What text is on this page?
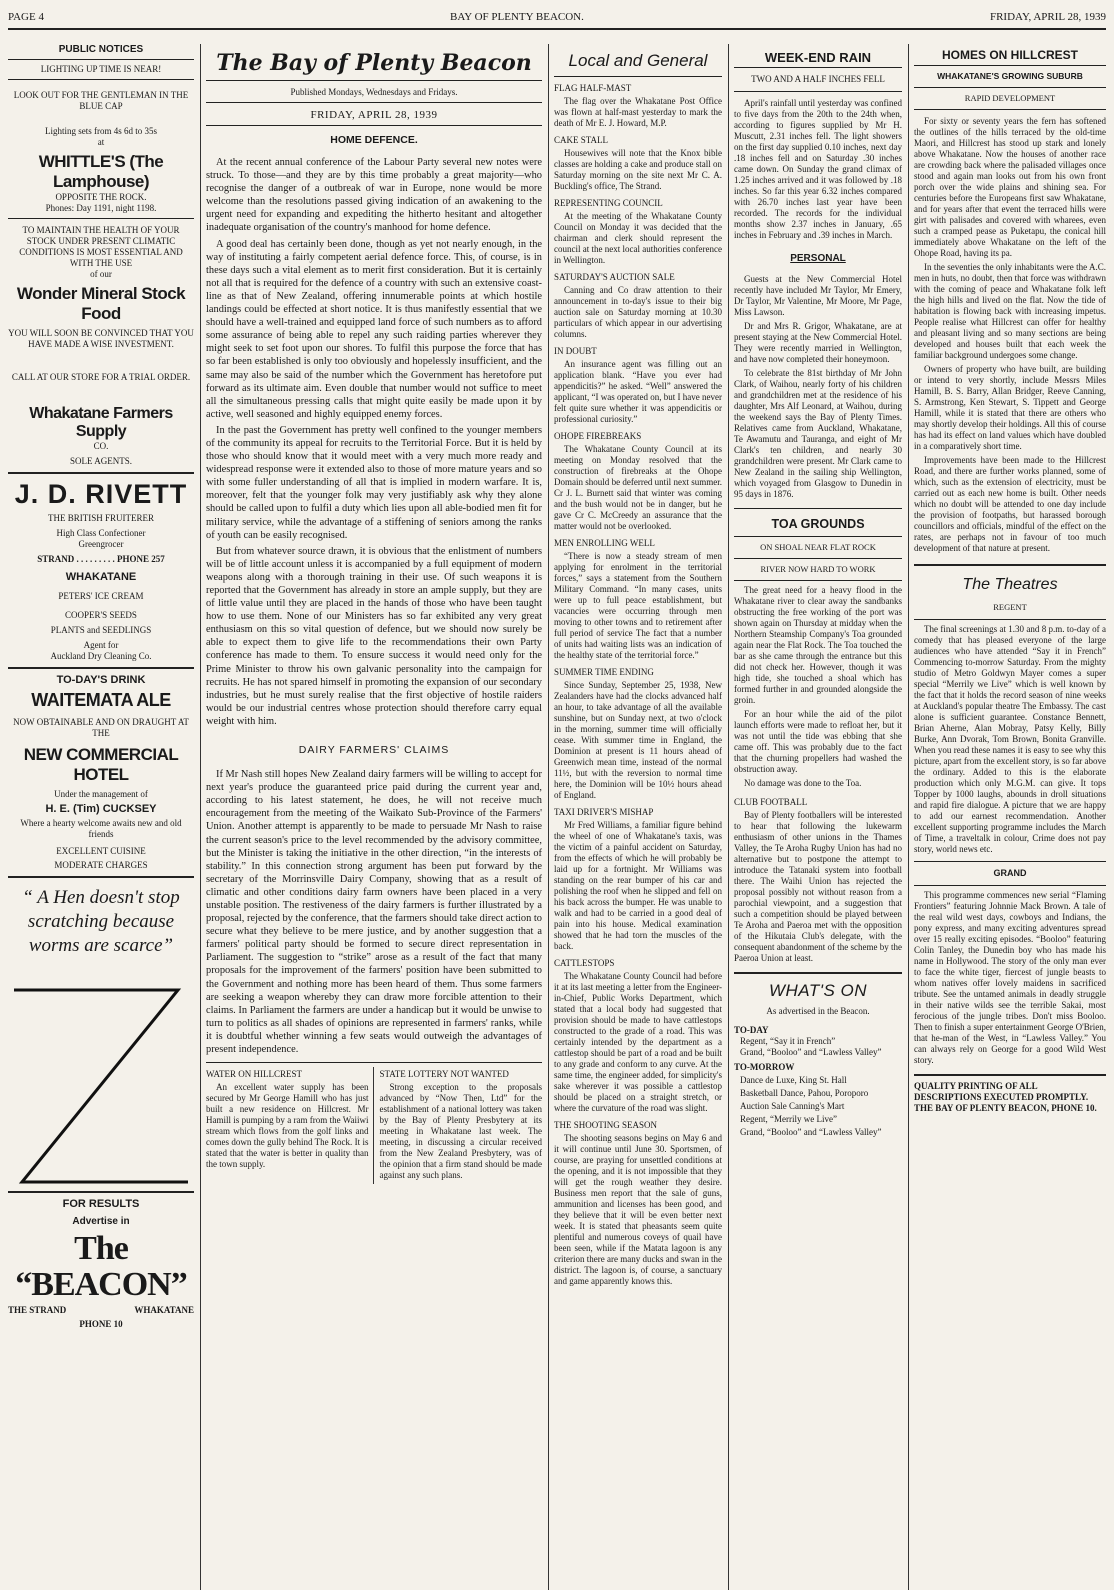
PAGE 4	BAY OF PLENTY BEACON.	FRIDAY, APRIL 28, 1939
PUBLIC NOTICES
LIGHTING UP TIME IS NEAR!
LOOK OUT FOR THE GENTLEMAN IN THE BLUE CAP
Lighting sets from 4s 6d to 35s
at
WHITTLE'S (The Lamphouse)
OPPOSITE THE ROCK.
Phones: Day 1191, night 1198.
TO MAINTAIN THE HEALTH OF YOUR STOCK UNDER PRESENT CLIMATIC CONDITIONS IS MOST ESSENTIAL AND WITH THE USE
of our
Wonder Mineral Stock Food
YOU WILL SOON BE CONVINCED THAT YOU HAVE MADE A WISE INVESTMENT.
CALL AT OUR STORE FOR A TRIAL ORDER.
Whakatane Farmers Supply
CO.
SOLE AGENTS.
J. D. RIVETT
THE BRITISH FRUITERER
High Class Confectioner
Greengrocer
STRAND . . . . . . . . . PHONE 257
WHAKATANE
PETERS' ICE CREAM
COOPER'S SEEDS
PLANTS and SEEDLINGS
Agent for
Auckland Dry Cleaning Co.
TO-DAY'S DRINK
WAITEMATA ALE
NOW OBTAINABLE AND ON DRAUGHT AT THE
NEW COMMERCIAL HOTEL
Under the management of
H. E. (Tim) CUCKSEY
Where a hearty welcome awaits new and old friends
EXCELLENT CUISINE
MODERATE CHARGES
“ A Hen doesn't stop scratching because worms are scarce”
FOR RESULTS
Advertise in
The “BEACON”
THE STRAND	WHAKATANE
PHONE 10
The Bay of Plenty Beacon
Published Mondays, Wednesdays and Fridays.
FRIDAY, APRIL 28, 1939
HOME DEFENCE.

At the recent annual conference of the Labour Party several new notes were struck. To those—and they are by this time probably a great majority—who recognise the danger of a outbreak of war in Europe, none would be more welcome than the resolutions passed giving indication of an awakening to the urgent need for expanding and expediting the hitherto hesitant and altogether inadequate organisation of the country's manhood for home defence.

A good deal has certainly been done, though as yet not nearly enough, in the way of instituting a fairly competent aerial defence force. This, of course, is in these days such a vital element as to merit first consideration. But it is certainly not all that is required for the defence of a country with such an extensive coast-line as that of New Zealand, offering innumerable points at which hostile landings could be effected at short notice. It is thus manifestly essential that we should have a well-trained and equipped land force of such numbers as to afford some assurance of being able to repel any such raiding parties wherever they might seek to set foot upon our shores. To fulfil this purpose the force that has so far been established is only too obviously and hopelessly insufficient, and the same may also be said of the number which the Government has heretofore put forward as its ultimate aim. Even double that number would not suffice to meet all the simultaneous pressing calls that might quite easily be made upon it by active, well seasoned and highly equipped enemy forces.

In the past the Government has pretty well confined to the younger members of the community its appeal for recruits to the Territorial Force. But it is held by those who should know that it would meet with a very much more ready and widespread response were it extended also to those of more mature years and so with some fuller understanding of all that is implied in modern warfare. It is, moreover, felt that the younger folk may very justifiably ask why they alone should be called upon to fulfil a duty which lies upon all able-bodied men fit for military service, while the advantage of a stiffening of seniors among the ranks of youth can be easily recognised.

But from whatever source drawn, it is obvious that the enlistment of numbers will be of little account unless it is accompanied by a full equipment of modern weapons along with a thorough training in their use. Of such weapons it is reported that the Government has already in store an ample supply, but they are of little value until they are placed in the hands of those who have been taught how to use them. None of our Ministers has so far exhibited any very great enthusiasm on this so vital question of defence, but we should now surely be able to expect them to give life to the recommendations their own Party conference has made to them. To ensure success it would need only for the Prime Minister to throw his own galvanic personality into the campaign for recruits. He has not spared himself in promoting the expansion of our secondary industries, but he must surely realise that the first objective of hostile raiders would be our industrial centres whose protection should therefore carry equal weight with him.

DAIRY FARMERS' CLAIMS

If Mr Nash still hopes New Zealand dairy farmers will be willing to accept for next year's produce the guaranteed price paid during the current year and, according to his latest statement, he does, he will not receive much encouragement from the meeting of the Waikato Sub-Province of the Farmers' Union. Another attempt is apparently to be made to persuade Mr Nash to raise the current season's price to the level recommended by the advisory committee, but the Minister is taking the initiative in the other direction, “in the interests of stability.” In this connection strong argument has been put forward by the secretary of the Morrinsville Dairy Company, showing that as a result of climatic and other conditions dairy farm owners have been placed in a very unstable position. The restiveness of the dairy farmers is further illustrated by a proposal, rejected by the conference, that the farmers should take direct action to secure what they believe to be mere justice, and by another suggestion that a farmers' political party should be formed to secure direct representation in Parliament. The suggestion to “strike” arose as a result of the fact that many proposals for the improvement of the farmers' position have been submitted to the Government and nothing more has been heard of them. Thus some farmers are seeking a weapon whereby they can draw more forcible attention to their claims. In Parliament the farmers are under a handicap but it would be unwise to turn to politics as all shades of opinions are represented in farmers' ranks, while it is doubtful whether winning a few seats would outweigh the advantages of present independence.

WATER ON HILLCREST

An excellent water supply has been secured by Mr George Hamill who has just built a new residence on Hillcrest. Mr Hamill is pumping by a ram from the Waiiwi stream which flows from the golf links and comes down the gully behind The Rock. It is stated that the water is better in quality than the town supply.

STATE LOTTERY NOT WANTED

Strong exception to the proposals advanced by “Now Then, Ltd” for the establishment of a national lottery was taken by the Bay of Plenty Presbytery at its meeting in Whakatane last week. The meeting, in discussing a circular received from the New Zealand Presbytery, was of the opinion that a firm stand should be made against any such plans.

Local and General
FLAG HALF-MAST

The flag over the Whakatane Post Office was flown at half-mast yesterday to mark the death of Mr E. J. Howard, M.P.

CAKE STALL

Housewives will note that the Knox bible classes are holding a cake and produce stall on Saturday morning on the site next Mr C. A. Buckling's office, The Strand.

REPRESENTING COUNCIL

At the meeting of the Whakatane County Council on Monday it was decided that the chairman and clerk should represent the council at the next local authorities conference in Wellington.

SATURDAY'S AUCTION SALE

Canning and Co draw attention to their announcement in to-day's issue to their big auction sale on Saturday morning at 10.30 particulars of which appear in our advertising columns.

IN DOUBT

An insurance agent was filling out an application blank. “Have you ever had appendicitis?” he asked. “Well” answered the applicant, “I was operated on, but I have never felt quite sure whether it was appendicitis or professional curiosity.”

OHOPE FIREBREAKS

The Whakatane County Council at its meeting on Monday resolved that the construction of firebreaks at the Ohope Domain should be deferred until next summer. Cr J. L. Burnett said that winter was coming and the bush would not be in danger, but he gave Cr C. McCreedy an assurance that the matter would not be overlooked.

MEN ENROLLING WELL

“There is now a steady stream of men applying for enrolment in the territorial forces,” says a statement from the Southern Military Command. “In many cases, units were up to full peace establishment, but vacancies were occurring through men moving to other towns and to retirement after full period of service The fact that a number of units had waiting lists was an indication of the healthy state of the territorial force.”

SUMMER TIME ENDING

Since Sunday, September 25, 1938, New Zealanders have had the clocks advanced half an hour, to take advantage of all the available sunshine, but on Sunday next, at two o'clock in the morning, summer time will officially cease. With summer time in England, the Dominion at present is 11 hours ahead of Greenwich mean time, instead of the normal 11½, but with the reversion to normal time here, the Dominion will be 10½ hours ahead of England.

TAXI DRIVER'S MISHAP

Mr Fred Williams, a familiar figure behind the wheel of one of Whakatane's taxis, was the victim of a painful accident on Saturday, from the effects of which he will probably be laid up for a fortnight. Mr Williams was standing on the rear bumper of his car and polishing the roof when he slipped and fell on his back across the bumper. He was unable to walk and had to be carried in a good deal of pain into his house. Medical examination showed that he had torn the muscles of the back.

CATTLESTOPS

The Whakatane County Council had before it at its last meeting a letter from the Engineer-in-Chief, Public Works Department, which stated that a local body had suggested that provision should be made to have cattlestops constructed to the grade of a road. This was certainly intended by the department as a cattlestop should be part of a road and be built to any grade and conform to any curve. At the same time, the engineer added, for simplicity's sake wherever it was possible a cattlestop should be placed on a straight stretch, or where the curvature of the road was slight.

THE SHOOTING SEASON

The shooting seasons begins on May 6 and it will continue until June 30. Sportsmen, of course, are praying for unsettled conditions at the opening, and it is not impossible that they will get the rough weather they desire. Business men report that the sale of guns, ammunition and licenses has been good, and they believe that it will be even better next week. It is stated that pheasants seem quite plentiful and numerous coveys of quail have been seen, while if the Matata lagoon is any criterion there are many ducks and swan in the district. The lagoon is, of course, a sanctuary and game apparently knows this.

WEEK-END RAIN
TWO AND A HALF INCHES FELL

April's rainfall until yesterday was confined to five days from the 20th to the 24th when, according to figures supplied by Mr H. Muscutt, 2.31 inches fell. The light showers on the first day supplied 0.10 inches, next day .18 inches fell and on Saturday .30 inches came down. On Sunday the grand climax of 1.25 inches arrived and it was followed by .18 inches. So far this year 6.32 inches compared with 26.70 inches last year have been recorded. The records for the individual months show 2.37 inches in January, .65 inches in February and .39 inches in March.

PERSONAL

Guests at the New Commercial Hotel recently have included Mr Taylor, Mr Emery, Dr Taylor, Mr Valentine, Mr Moore, Mr Page, Miss Lawson.

Dr and Mrs R. Grigor, Whakatane, are at present staying at the New Commercial Hotel. They were recently married in Wellington, and have now completed their honeymoon.

To celebrate the 81st birthday of Mr John Clark, of Waihou, nearly forty of his children and grandchildren met at the residence of his daughter, Mrs Alf Leonard, at Waihou, during the weekend says the Bay of Plenty Times. Relatives came from Auckland, Whakatane, Te Awamutu and Tauranga, and eight of Mr Clark's ten children, and nearly 30 grandchildren were present. Mr Clark came to New Zealand in the sailing ship Wellington, which voyaged from Glasgow to Dunedin in 95 days in 1876.

TOA GROUNDS
ON SHOAL NEAR FLAT ROCK
RIVER NOW HARD TO WORK

The great need for a heavy flood in the Whakatane river to clear away the sandbanks obstructing the free working of the port was shown again on Thursday at midday when the Northern Steamship Company's Toa grounded again near the Flat Rock. The Toa touched the bar as she came through the entrance but this did not check her. However, though it was high tide, she touched a shoal which has formed further in and grounded alongside the groin.

For an hour while the aid of the pilot launch efforts were made to refloat her, but it was not until the tide was ebbing that she came off. This was probably due to the fact that the churning propellers had washed the obstruction away.

No damage was done to the Toa.

CLUB FOOTBALL

Bay of Plenty footballers will be interested to hear that following the lukewarm enthusiasm of other unions in the Thames Valley, the Te Aroha Rugby Union has had no alternative but to postpone the attempt to introduce the Tatanaki system into football there. The Waihi Union has rejected the proposal possibly not without reason from a parochial viewpoint, and a suggestion that such a competition should be played between Te Aroha and Paeroa met with the opposition of the Hikutaia Club's delegate, with the consequent abandonment of the scheme by the Paeroa Union at least.

WHAT'S ON
As advertised in the Beacon.
TO-DAY
Regent, “Say it in French”
Grand, “Booloo” and “Lawless Valley”
TO-MORROW
Dance de Luxe, King St. Hall
Basketball Dance, Pahou, Poroporo
Auction Sale Canning's Mart
Regent, “Merrily we Live”
Grand, “Booloo” and “Lawless Valley”
HOMES ON HILLCREST
WHAKATANE'S GROWING SUBURB
RAPID DEVELOPMENT

For sixty or seventy years the fern has softened the outlines of the hills terraced by the old-time Maori, and Hillcrest has stood up stark and lonely above Whakatane. Now the houses of another race are crowding back where the palisaded villages once stood and again man looks out from his own front porch over the wide plains and shining sea. For centuries before the Europeans first saw Whakatane, and for years after that event the terraced hills were girt with palisades and covered with wharees, even such a cramped pease as Puketapu, the conical hill immediately above Whakatane on the left of the Ohope Road, having its pa.

In the seventies the only inhabitants were the A.C. men in huts, no doubt, then that force was withdrawn with the coming of peace and Whakatane folk left the high hills and lived on the flat. Now the tide of habitation is flowing back with increasing impetus. People realise what Hillcrest can offer for healthy and pleasant living and so many sections are being developed and houses built that each week the familiar background undergoes some change.

Owners of property who have built, are building or intend to very shortly, include Messrs Miles Hamill, B. S. Barry, Allan Bridger, Reeve Canning, S. Armstrong, Ken Stewart, S. Tippett and George Hamill, while it is stated that there are others who may shortly develop their holdings. All this of course has had its effect on land values which have doubled in a comparatively short time.

Improvements have been made to the Hillcrest Road, and there are further works planned, some of which, such as the extension of electricity, must be carried out as each new home is built. Other needs which no doubt will be attended to one day include the provision of footpaths, but harassed borough councillors and officials, mindful of the effect on the rates, are perhaps not in favour of too much development of that nature at present.

The Theatres
REGENT

The final screenings at 1.30 and 8 p.m. to-day of a comedy that has pleased everyone of the large audiences who have attended “Say it in French” Commencing to-morrow Saturday. From the mighty studio of Metro Goldwyn Mayer comes a super special “Merrily we Live” which is well known by the fact that it holds the record season of nine weeks at Auckland's popular theatre The Embassy. The cast alone is sufficient guarantee. Constance Bennett, Brian Aherne, Alan Mobray, Patsy Kelly, Billy Burke, Ann Dvorak, Tom Brown, Bonita Granville. When you read these names it is easy to see why this picture, apart from the excellent story, is so far above the ordinary. Added to this is the elaborate production which only M.G.M. can give. It tops Topper by 1000 laughs, abounds in droll situations and rapid fire dialogue. A picture that we are happy to add our earnest recommendation. Another excellent supporting programme includes the March of Time, a traveltalk in colour, Crime does not pay story, world news etc.

GRAND

This programme commences new serial “Flaming Frontiers” featuring Johnnie Mack Brown. A tale of the real wild west days, cowboys and Indians, the pony express, and many exciting adventures spread over 15 really exciting episodes. “Booloo” featuring Colin Tanley, the Dunedin boy who has made his name in Hollywood. The story of the only man ever to face the white tiger, fiercest of jungle beasts to whom natives offer lovely maidens in sacrificed tribute. See the untamed animals in deadly struggle in their native wilds see the terrible Sakai, most ferocious of the jungle tribes. Don't miss Booloo. Then to finish a super entertainment George O'Brien, that he-man of the West, in “Lawless Valley.” You can always rely on George for a good Wild West story.

QUALITY PRINTING OF ALL DESCRIPTIONS EXECUTED PROMPTLY. THE BAY OF PLENTY BEACON, PHONE 10.
